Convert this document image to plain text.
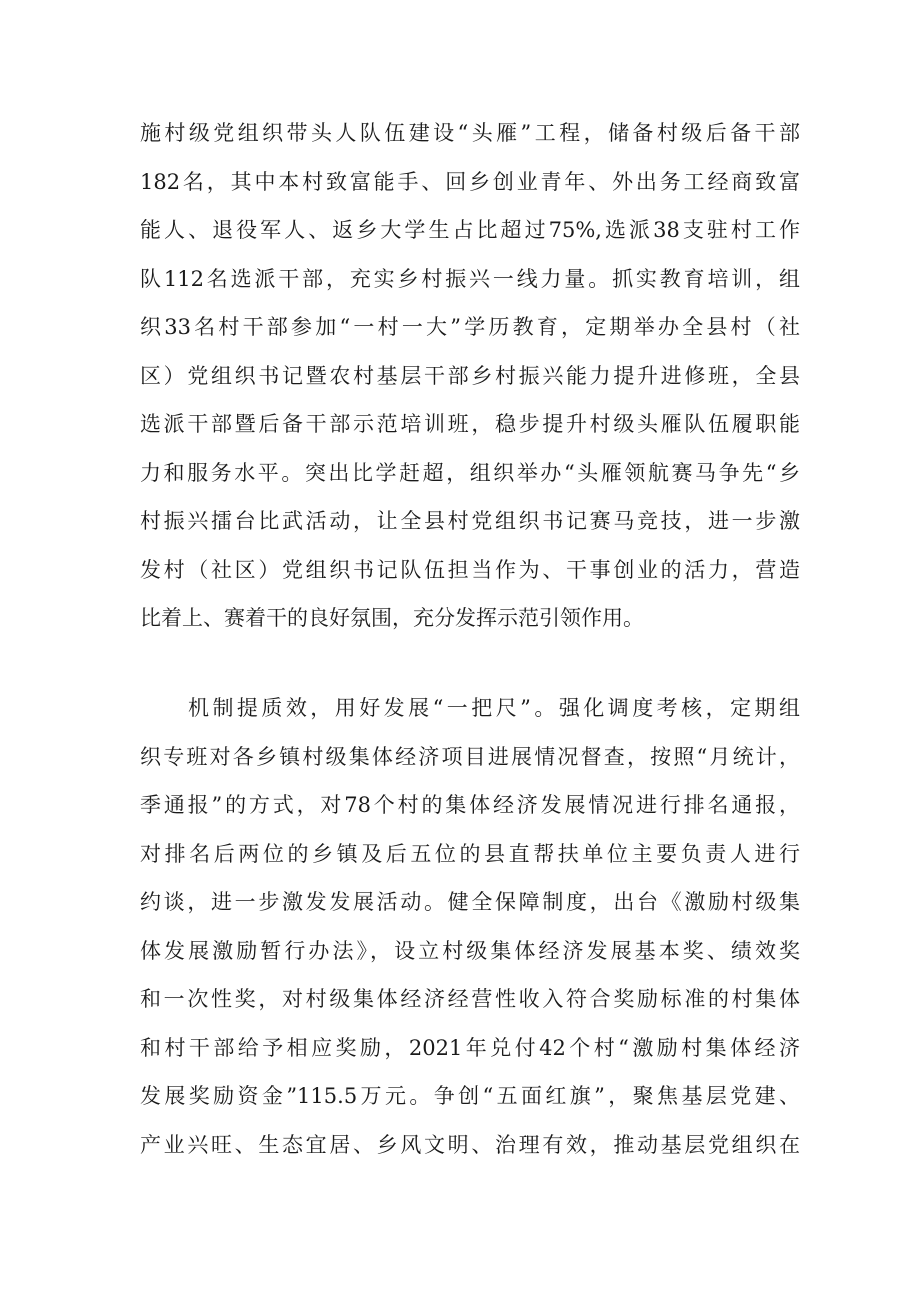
施村级党组织带头人队伍建设“头雁”工程，储备村级后备干部
182名，其中本村致富能手、回乡创业青年、外出务工经商致富
能人、退役军人、返乡大学生占比超过75%,选派38支驻村工作
队112名选派干部，充实乡村振兴一线力量。抓实教育培训，组
织33名村干部参加“一村一大”学历教育，定期举办全县村（社
区）党组织书记暨农村基层干部乡村振兴能力提升进修班，全县
选派干部暨后备干部示范培训班，稳步提升村级头雁队伍履职能
力和服务水平。突出比学赶超，组织举办“头雁领航赛马争先“乡
村振兴擂台比武活动，让全县村党组织书记赛马竞技，进一步激
发村（社区）党组织书记队伍担当作为、干事创业的活力，营造
比着上、赛着干的良好氛围，充分发挥示范引领作用。
机制提质效，用好发展“一把尺”。强化调度考核，定期组
织专班对各乡镇村级集体经济项目进展情况督查，按照“月统计，
季通报”的方式，对78个村的集体经济发展情况进行排名通报，
对排名后两位的乡镇及后五位的县直帮扶单位主要负责人进行
约谈，进一步激发发展活动。健全保障制度，出台《激励村级集
体发展激励暂行办法》，设立村级集体经济发展基本奖、绩效奖
和一次性奖，对村级集体经济经营性收入符合奖励标准的村集体
和村干部给予相应奖励，2021年兑付42个村“激励村集体经济
发展奖励资金”115.5万元。争创“五面红旗”，聚焦基层党建、
产业兴旺、生态宜居、乡风文明、治理有效，推动基层党组织在
